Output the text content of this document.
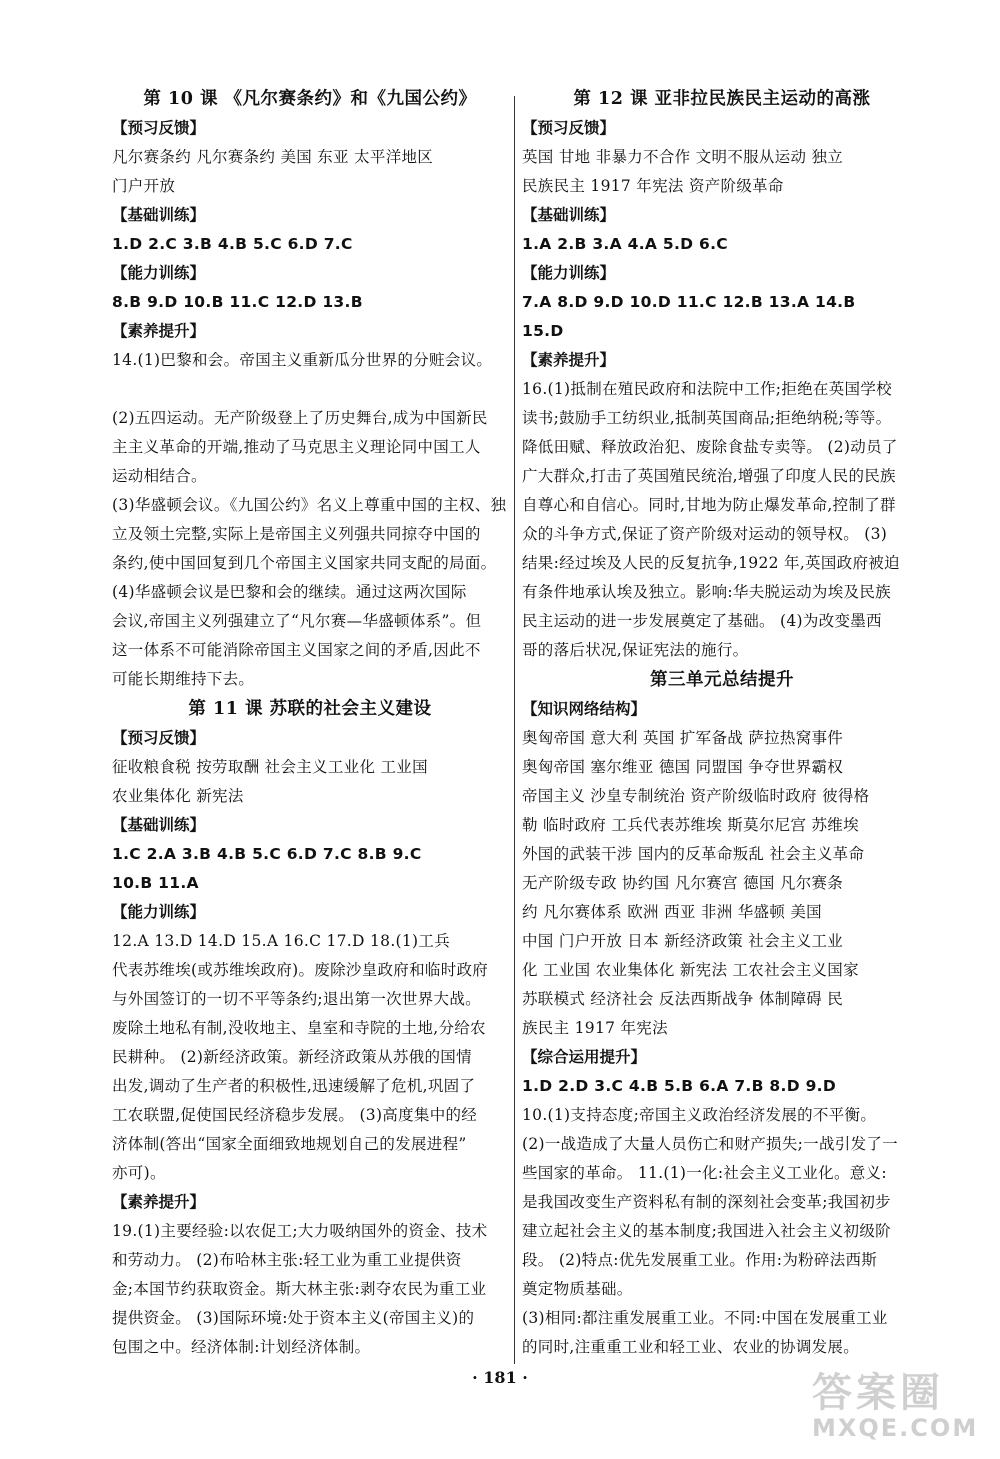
第 10 课 《凡尔赛条约》和《九国公约》
【预习反馈】
凡尔赛条约 凡尔赛条约 美国 东亚 太平洋地区
门户开放
【基础训练】
1.D 2.C 3.B 4.B 5.C 6.D 7.C
【能力训练】
8.B 9.D 10.B 11.C 12.D 13.B
【素养提升】
14.(1)巴黎和会。帝国主义重新瓜分世界的分赃会议。
(2)五四运动。无产阶级登上了历史舞台,成为中国新民
主主义革命的开端,推动了马克思主义理论同中国工人
运动相结合。
(3)华盛顿会议。《九国公约》名义上尊重中国的主权、独
立及领土完整,实际上是帝国主义列强共同掠夺中国的
条约,使中国回复到几个帝国主义国家共同支配的局面。
(4)华盛顿会议是巴黎和会的继续。通过这两次国际
会议,帝国主义列强建立了“凡尔赛—华盛顿体系”。但
这一体系不可能消除帝国主义国家之间的矛盾,因此不
可能长期维持下去。
第 11 课 苏联的社会主义建设
【预习反馈】
征收粮食税 按劳取酬 社会主义工业化 工业国
农业集体化 新宪法
【基础训练】
1.C 2.A 3.B 4.B 5.C 6.D 7.C 8.B 9.C
10.B 11.A
【能力训练】
12.A 13.D 14.D 15.A 16.C 17.D 18.(1)工兵
代表苏维埃(或苏维埃政府)。废除沙皇政府和临时政府
与外国签订的一切不平等条约;退出第一次世界大战。
废除土地私有制,没收地主、皇室和寺院的土地,分给农
民耕种。 (2)新经济政策。新经济政策从苏俄的国情
出发,调动了生产者的积极性,迅速缓解了危机,巩固了
工农联盟,促使国民经济稳步发展。 (3)高度集中的经
济体制(答出“国家全面细致地规划自己的发展进程”
亦可)。
【素养提升】
19.(1)主要经验:以农促工;大力吸纳国外的资金、技术
和劳动力。 (2)布哈林主张:轻工业为重工业提供资
金;本国节约获取资金。斯大林主张:剥夺农民为重工业
提供资金。 (3)国际环境:处于资本主义(帝国主义)的
包围之中。经济体制:计划经济体制。
第 12 课 亚非拉民族民主运动的高涨
【预习反馈】
英国 甘地 非暴力不合作 文明不服从运动 独立
民族民主 1917 年宪法 资产阶级革命
【基础训练】
1.A 2.B 3.A 4.A 5.D 6.C
【能力训练】
7.A 8.D 9.D 10.D 11.C 12.B 13.A 14.B
15.D
【素养提升】
16.(1)抵制在殖民政府和法院中工作;拒绝在英国学校
读书;鼓励手工纺织业,抵制英国商品;拒绝纳税;等等。
降低田赋、释放政治犯、废除食盐专卖等。 (2)动员了
广大群众,打击了英国殖民统治,增强了印度人民的民族
自尊心和自信心。同时,甘地为防止爆发革命,控制了群
众的斗争方式,保证了资产阶级对运动的领导权。 (3)
结果:经过埃及人民的反复抗争,1922 年,英国政府被迫
有条件地承认埃及独立。影响:华夫脱运动为埃及民族
民主运动的进一步发展奠定了基础。 (4)为改变墨西
哥的落后状况,保证宪法的施行。
第三单元总结提升
【知识网络结构】
奥匈帝国 意大利 英国 扩军备战 萨拉热窝事件
奥匈帝国 塞尔维亚 德国 同盟国 争夺世界霸权
帝国主义 沙皇专制统治 资产阶级临时政府 彼得格
勒 临时政府 工兵代表苏维埃 斯莫尔尼宫 苏维埃
外国的武装干涉 国内的反革命叛乱 社会主义革命
无产阶级专政 协约国 凡尔赛宫 德国 凡尔赛条
约 凡尔赛体系 欧洲 西亚 非洲 华盛顿 美国
中国 门户开放 日本 新经济政策 社会主义工业
化 工业国 农业集体化 新宪法 工农社会主义国家
苏联模式 经济社会 反法西斯战争 体制障碍 民
族民主 1917 年宪法
【综合运用提升】
1.D 2.D 3.C 4.B 5.B 6.A 7.B 8.D 9.D
10.(1)支持态度;帝国主义政治经济发展的不平衡。
(2)一战造成了大量人员伤亡和财产损失;一战引发了一
些国家的革命。 11.(1)一化:社会主义工业化。意义:
是我国改变生产资料私有制的深刻社会变革;我国初步
建立起社会主义的基本制度;我国进入社会主义初级阶
段。 (2)特点:优先发展重工业。作用:为粉碎法西斯
奠定物质基础。
(3)相同:都注重发展重工业。不同:中国在发展重工业
的同时,注重重工业和轻工业、农业的协调发展。
· 181 ·	答案圈
MXQE.COM
